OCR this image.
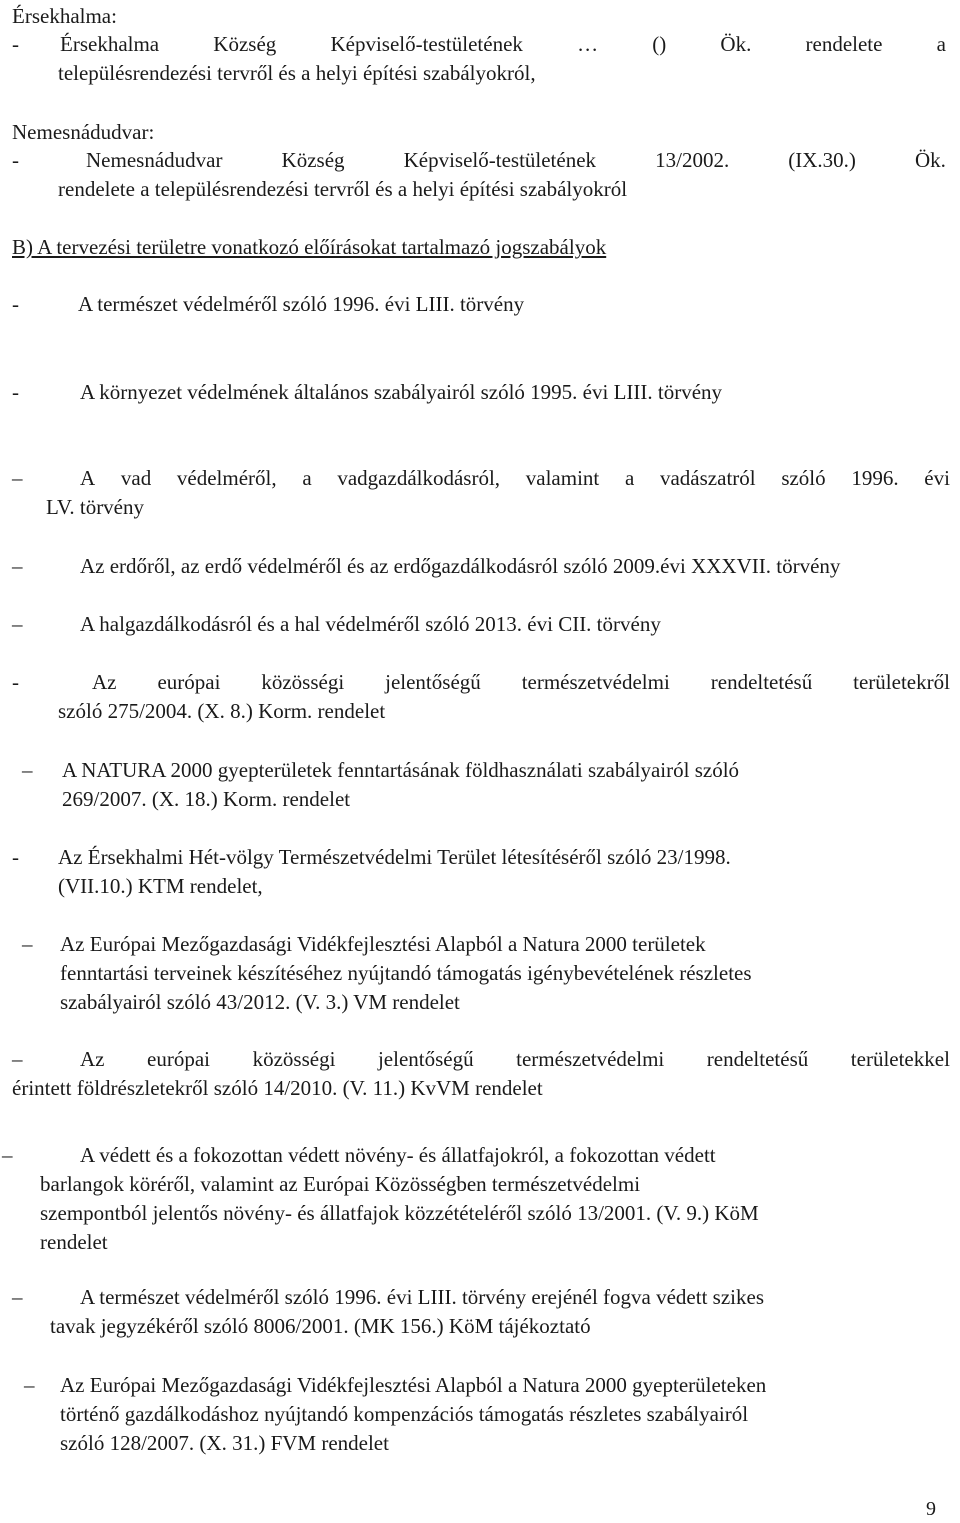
Érsekhalma:
- Érsekhalma	Község	Képviselő-testületének	…	()	Ök.	rendelete	a
településrendezési tervről és a helyi építési szabályokról,
Nemesnádudvar:
-	Nemesnádudvar	Község	Képviselő-testületének	13/2002.	(IX.30.)	Ök.
rendelete a településrendezési tervről és a helyi építési szabályokról
B) A tervezési területre vonatkozó előírásokat tartalmazó jogszabályok
-	A természet védelméről szóló 1996. évi LIII. törvény
-	A környezet védelmének általános szabályairól szóló 1995. évi LIII. törvény
–	A vad védelméről, a vadgazdálkodásról, valamint a vadászatról szóló 1996. évi
LV. törvény
–	Az erdőről, az erdő védelméről és az erdőgazdálkodásról szóló 2009.évi XXXVII. törvény
–	A halgazdálkodásról és a hal védelméről szóló 2013. évi CII. törvény
-	Az európai közösségi jelentőségű természetvédelmi rendeltetésű területekről
szóló 275/2004. (X. 8.) Korm. rendelet
– A NATURA 2000 gyepterületek fenntartásának földhasználati szabályairól szóló
269/2007. (X. 18.) Korm. rendelet
- Az Érsekhalmi Hét-völgy Természetvédelmi Terület létesítéséről szóló 23/1998.
(VII.10.) KTM rendelet,
– Az Európai Mezőgazdasági Vidékfejlesztési Alapból a Natura 2000 területek
fenntartási terveinek készítéséhez nyújtandó támogatás igénybevételének részletes
szabályairól szóló 43/2012. (V. 3.) VM rendelet
–	Az európai közösségi jelentőségű természetvédelmi rendeltetésű területekkel
érintett földrészletekről szóló 14/2010. (V. 11.) KvVM rendelet
–	A védett és a fokozottan védett növény- és állatfajokról, a fokozottan védett
barlangok köréről, valamint az Európai Közösségben természetvédelmi
szempontból jelentős növény- és állatfajok közzétételéről szóló 13/2001. (V. 9.) KöM
rendelet
–	A természet védelméről szóló 1996. évi LIII. törvény erejénél fogva védett szikes
tavak jegyzékéről szóló 8006/2001. (MK 156.) KöM tájékoztató
– Az Európai Mezőgazdasági Vidékfejlesztési Alapból a Natura 2000 gyepterületeken
történő gazdálkodáshoz nyújtandó kompenzációs támogatás részletes szabályairól
szóló 128/2007. (X. 31.) FVM rendelet
9
